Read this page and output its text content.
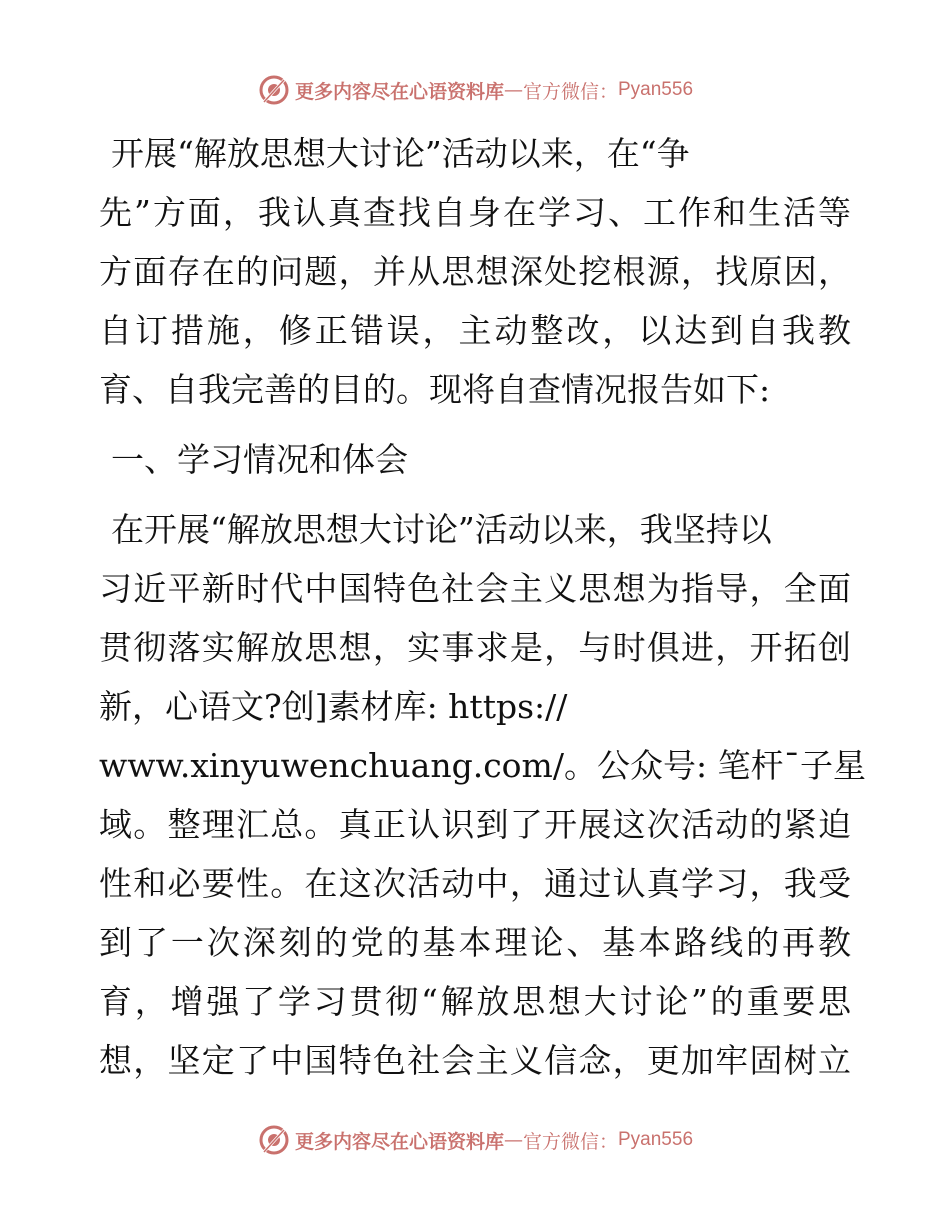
更多内容尽在心语资料库 — 官方微信： Pyan556
开展“解放思想大讨论”活动以来，在“争
先”方面，我认真查找自身在学习、工作和生活等
方面存在的问题，并从思想深处挖根源，找原因，
自订措施，修正错误，主动整改，以达到自我教
育、自我完善的目的。现将自查情况报告如下:
一、学习情况和体会
在开展“解放思想大讨论”活动以来，我坚持以
习近平新时代中国特色社会主义思想为指导，全面
贯彻落实解放思想，实事求是，与时俱进，开拓创
新，心语文?创]素材库: https://
www.xinyuwenchuang.com/。公众号: 笔杆¯子星
域。整理汇总。真正认识到了开展这次活动的紧迫
性和必要性。在这次活动中，通过认真学习，我受
到了一次深刻的党的基本理论、基本路线的再教
育，增强了学习贯彻“解放思想大讨论”的重要思
想，坚定了中国特色社会主义信念，更加牢固树立
更多内容尽在心语资料库 — 官方微信： Pyan556
